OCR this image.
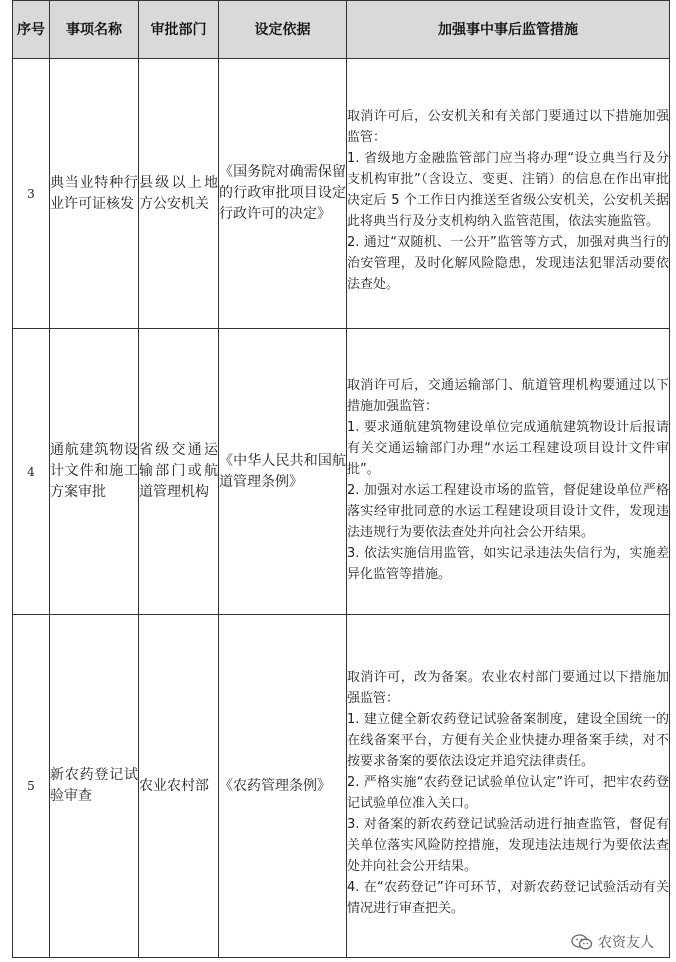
序号	事项名称	审批部门	设定依据	加强事中事后监管措施
3	典当业特种行业许可证核发	县级以上地方公安机关	《国务院对确需保留的行政审批项目设定行政许可的决定》	取消许可后，公安机关和有关部门要通过以下措施加强监管：

1. 省级地方金融监管部门应当将办理“设立典当行及分支机构审批”（含设立、变更、注销）的信息在作出审批决定后 5 个工作日内推送至省级公安机关，公安机关据此将典当行及分支机构纳入监管范围，依法实施监管。

2. 通过“双随机、一公开”监管等方式，加强对典当行的治安管理，及时化解风险隐患，发现违法犯罪活动要依法查处。

4	通航建筑物设计文件和施工方案审批	省级交通运输部门或航道管理机构	《中华人民共和国航道管理条例》	取消许可后，交通运输部门、航道管理机构要通过以下措施加强监管：

1. 要求通航建筑物建设单位完成通航建筑物设计后报请有关交通运输部门办理“水运工程建设项目设计文件审批”。

2. 加强对水运工程建设市场的监管，督促建设单位严格落实经审批同意的水运工程建设项目设计文件，发现违法违规行为要依法查处并向社会公开结果。

3. 依法实施信用监管，如实记录违法失信行为，实施差异化监管等措施。

5	新农药登记试验审查	农业农村部	《农药管理条例》	取消许可，改为备案。农业农村部门要通过以下措施加强监管：

1. 建立健全新农药登记试验备案制度，建设全国统一的在线备案平台，方便有关企业快捷办理备案手续，对不按要求备案的要依法设定并追究法律责任。

2. 严格实施“农药登记试验单位认定”许可，把牢农药登记试验单位准入关口。

3. 对备案的新农药登记试验活动进行抽查监管，督促有关单位落实风险防控措施，发现违法违规行为要依法查处并向社会公开结果。

4. 在“农药登记”许可环节，对新农药登记试验活动有关情况进行审查把关。

农资友人
